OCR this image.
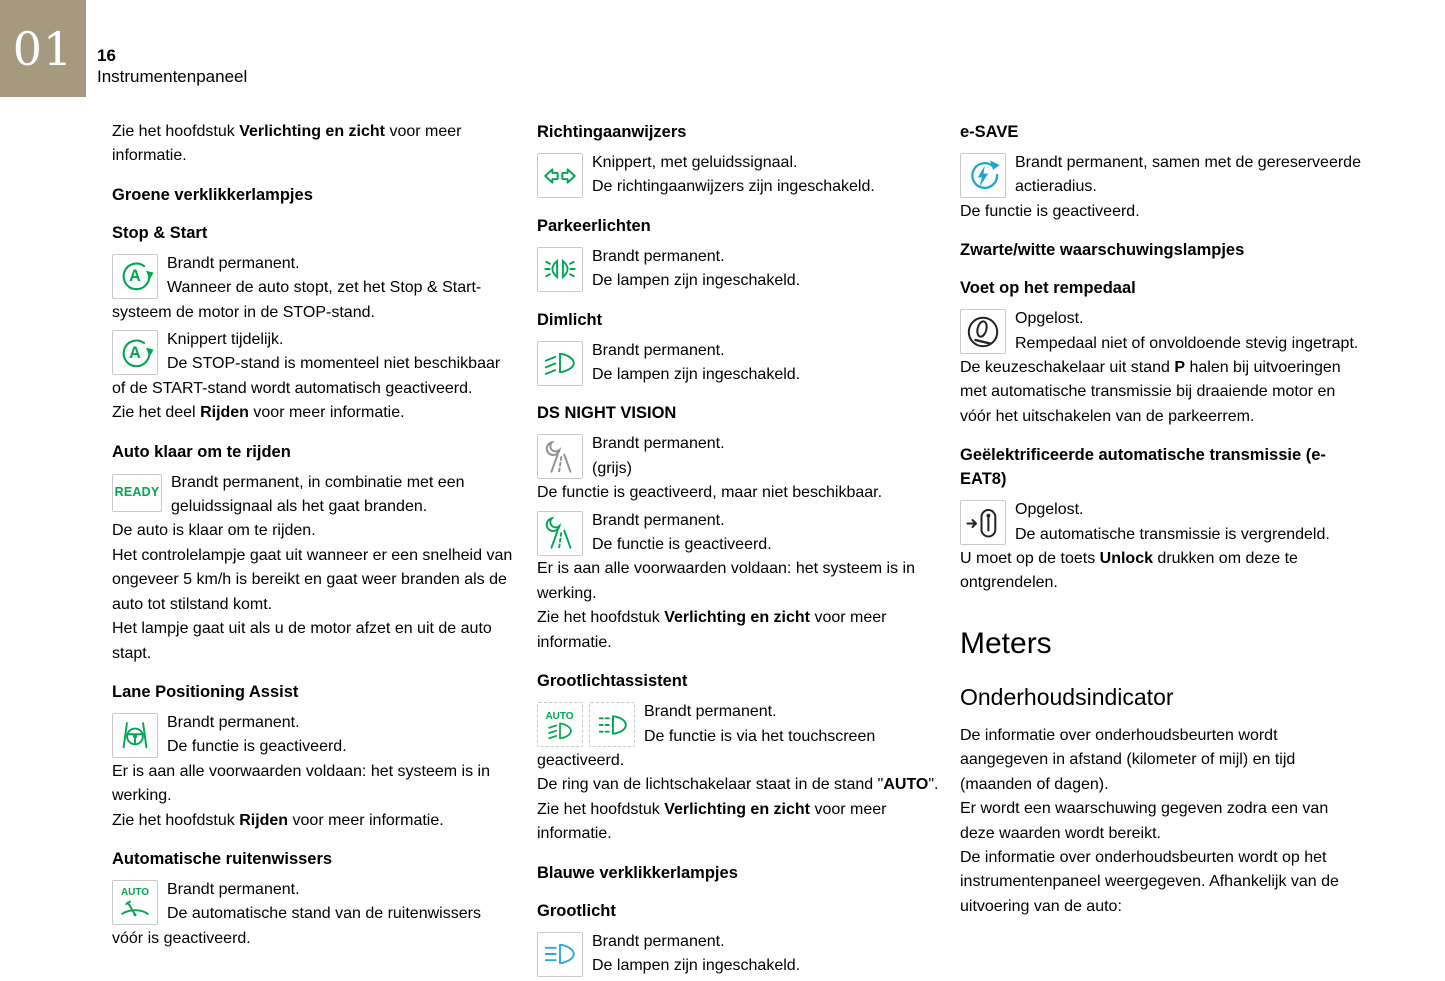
01 16
Instrumentenpaneel

Zie het hoofdstuk Verlichting en zicht voor meer informatie.

Groene verklikkerlampjes
Stop & Start
A
Brandt permanent.
Wanneer de auto stopt, zet het Stop & Start-systeem de motor in de STOP-stand.
A
Knippert tijdelijk.
De STOP-stand is momenteel niet beschikbaar of de START-stand wordt automatisch geactiveerd.
Zie het deel Rijden voor meer informatie.
Auto klaar om te rijden
READY
Brandt permanent, in combinatie met een geluidssignaal als het gaat branden.
De auto is klaar om te rijden.
Het controlelampje gaat uit wanneer er een snelheid van ongeveer 5 km/h is bereikt en gaat weer branden als de auto tot stilstand komt.
Het lampje gaat uit als u de motor afzet en uit de auto stapt.
Lane Positioning Assist
Brandt permanent.
De functie is geactiveerd.
Er is aan alle voorwaarden voldaan: het systeem is in werking.
Zie het hoofdstuk Rijden voor meer informatie.
Automatische ruitenwissers
AUTO	Brandt permanent.
De automatische stand van de ruitenwissers vóór is geactiveerd.
Richtingaanwijzers
Knippert, met geluidssignaal.
De richtingaanwijzers zijn ingeschakeld.
Parkeerlichten
Brandt permanent.
De lampen zijn ingeschakeld.
Dimlicht
Brandt permanent.
De lampen zijn ingeschakeld.
DS NIGHT VISION
Brandt permanent.
(grijs)
De functie is geactiveerd, maar niet beschikbaar.
Brandt permanent.
De functie is geactiveerd.
Er is aan alle voorwaarden voldaan: het systeem is in werking.
Zie het hoofdstuk Verlichting en zicht voor meer informatie.
Grootlichtassistent
AUTO	Brandt permanent.
De functie is via het touchscreen geactiveerd.
De ring van de lichtschakelaar staat in de stand "AUTO".
Zie het hoofdstuk Verlichting en zicht voor meer informatie.
Blauwe verklikkerlampjes
Grootlicht
Brandt permanent.
De lampen zijn ingeschakeld.
e-SAVE
Brandt permanent, samen met de gereserveerde actieradius.
De functie is geactiveerd.
Zwarte/witte waarschuwingslampjes
Voet op het rempedaal
Opgelost.
Rempedaal niet of onvoldoende stevig ingetrapt.
De keuzeschakelaar uit stand P halen bij uitvoeringen met automatische transmissie bij draaiende motor en vóór het uitschakelen van de parkeerrem.
Geëlektrificeerde automatische transmissie (e-EAT8)
Opgelost.
De automatische transmissie is vergrendeld.
U moet op de toets Unlock drukken om deze te ontgrendelen.
Meters
Onderhoudsindicator
De informatie over onderhoudsbeurten wordt aangegeven in afstand (kilometer of mijl) en tijd (maanden of dagen).
Er wordt een waarschuwing gegeven zodra een van deze waarden wordt bereikt.
De informatie over onderhoudsbeurten wordt op het instrumentenpaneel weergegeven. Afhankelijk van de uitvoering van de auto:
